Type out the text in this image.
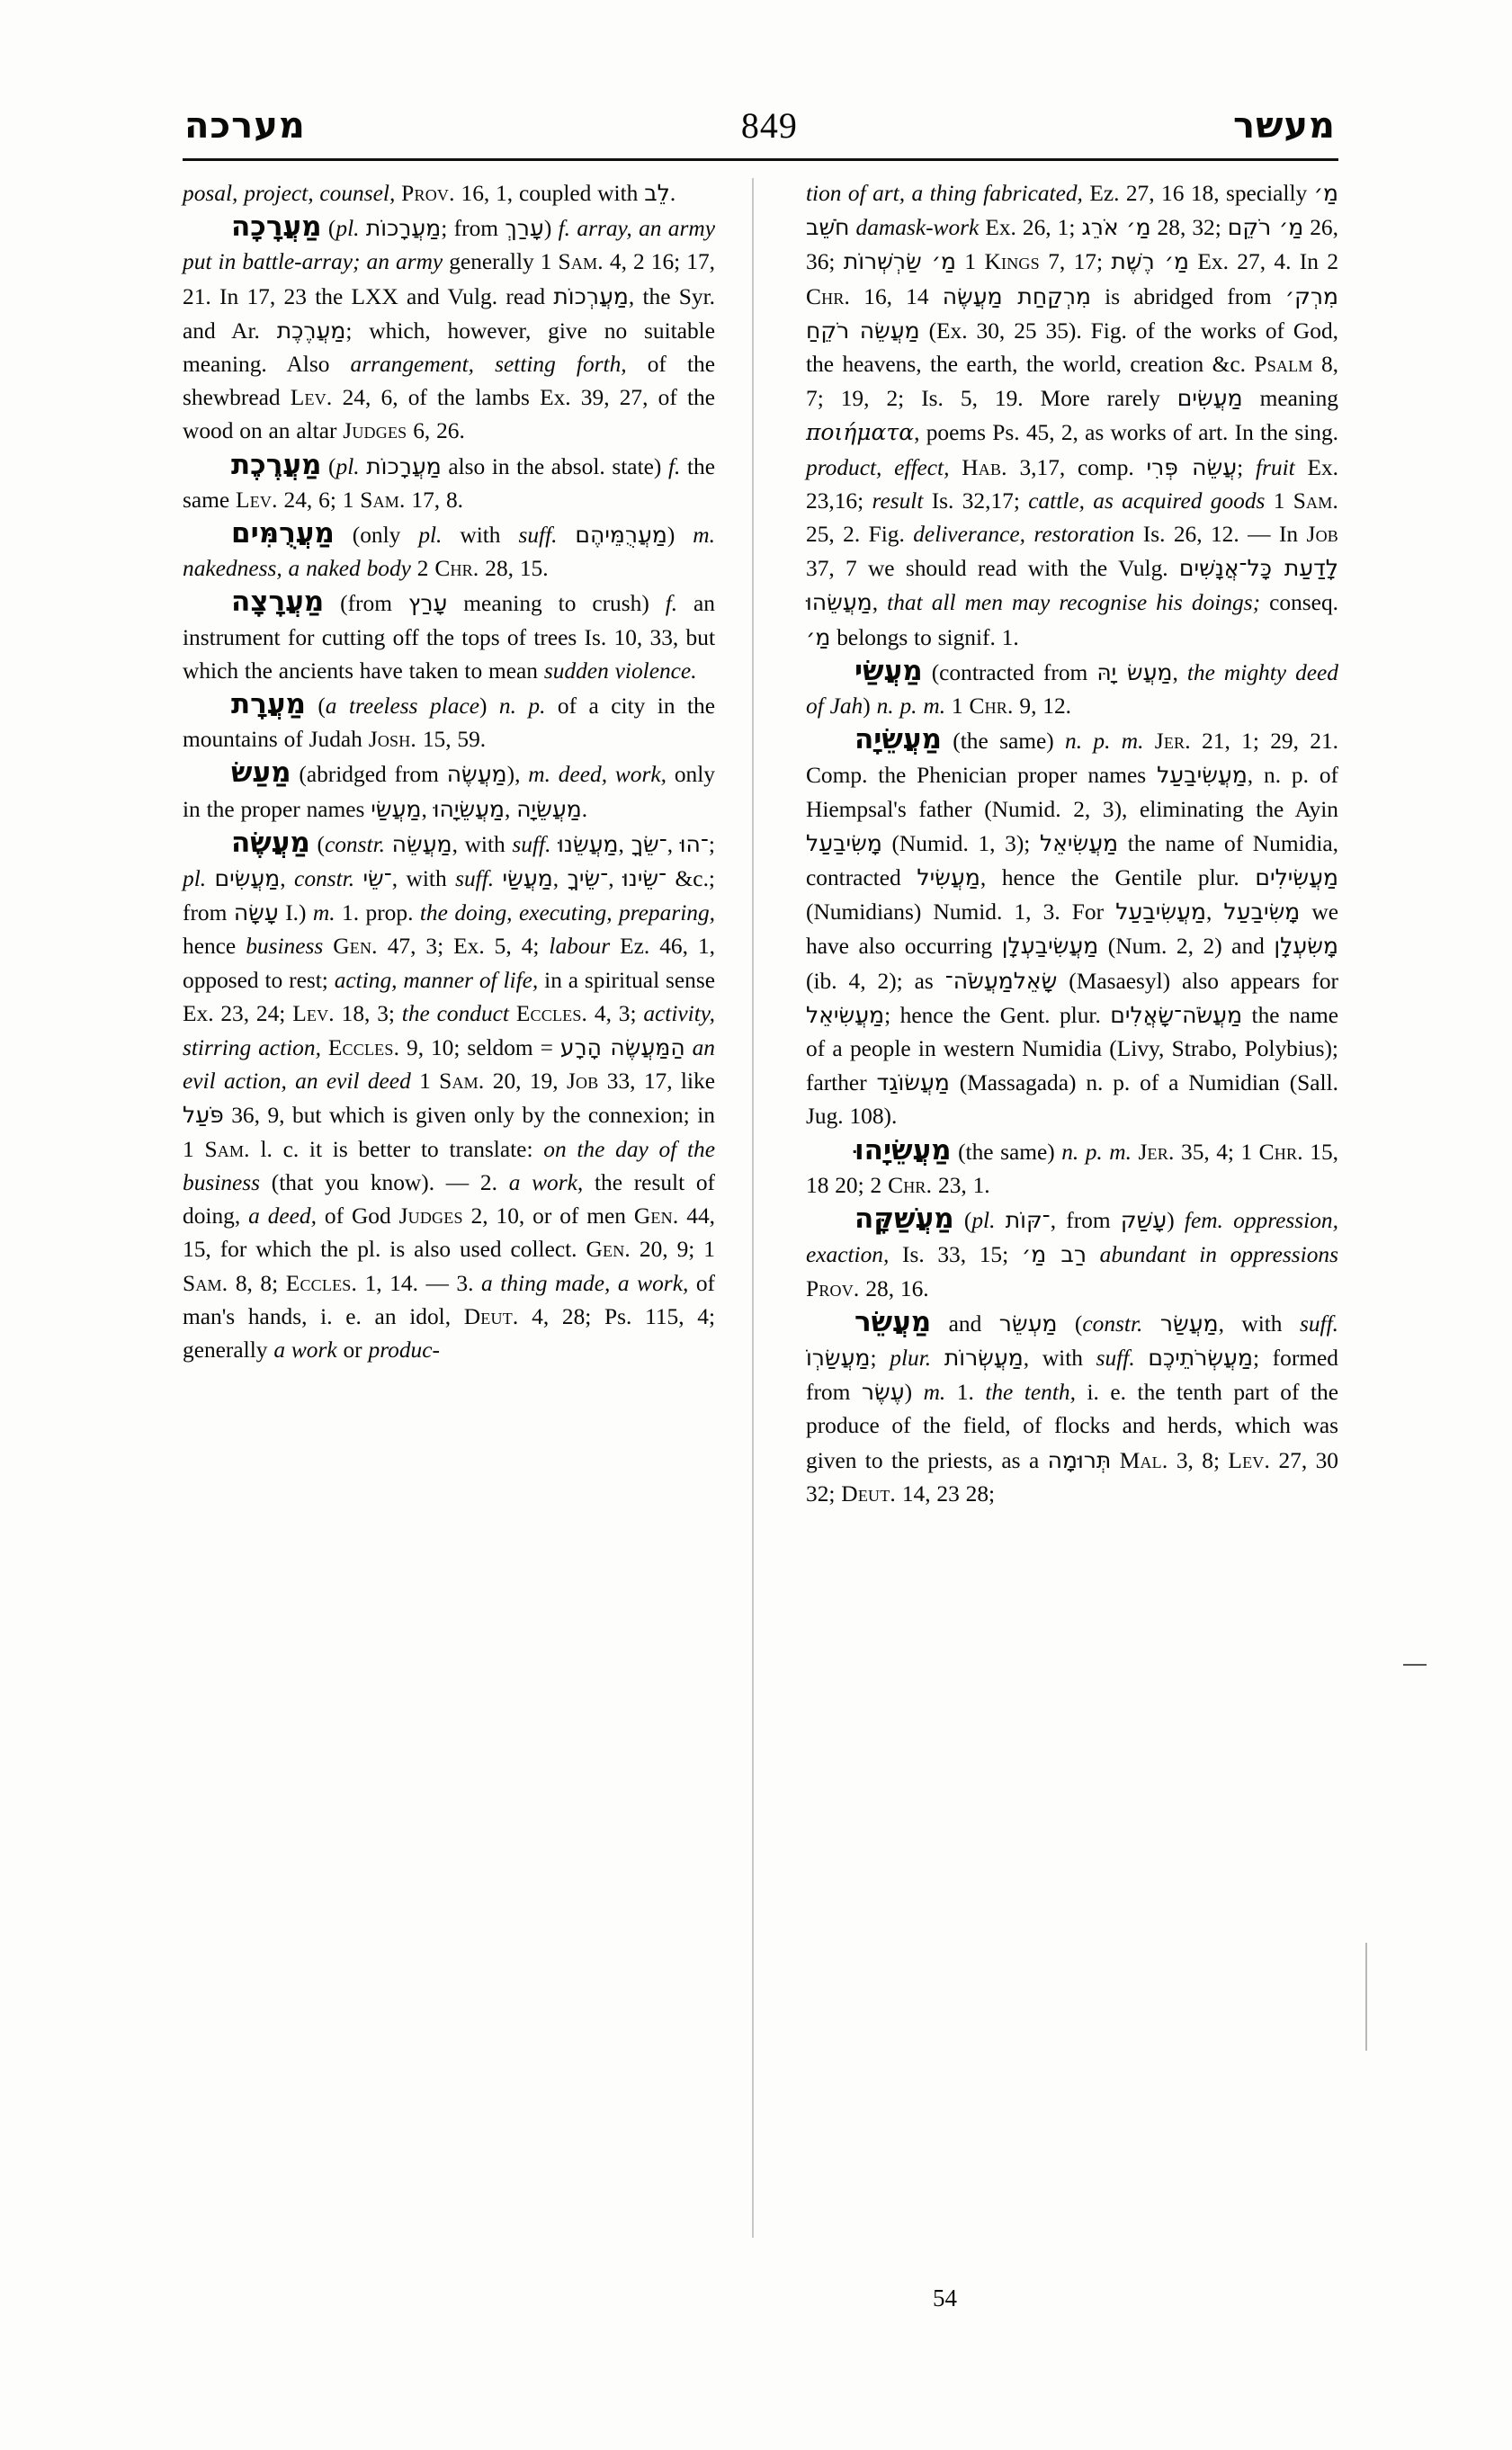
מערכה	849	מעשר

posal, project, counsel, Prov. 16, 1, coupled with לֵב.

מַעֲרָכָה (pl. מַעֲרָכוֹת; from עָרַךְ) f. array, an army put in battle-array; an army generally 1 Sam. 4, 2 16; 17, 21. In 17, 23 the LXX and Vulg. read מַעֲרְכוֹת, the Syr. and Ar. מַעֲרֶכֶת; which, however, give no suitable meaning. Also arrangement, setting forth, of the shewbread Lev. 24, 6, of the lambs Ex. 39, 27, of the wood on an altar Judges 6, 26.

מַעֲרֶכֶת (pl. מַעֲרָכוֹת also in the absol. state) f. the same Lev. 24, 6; 1 Sam. 17, 8.

מַעֲרֻמִּים (only pl. with suff. מַעֲרֻמֵּיהֶם) m. nakedness, a naked body 2 Chr. 28, 15.

מַעֲרָצָה (from עָרַץ meaning to crush) f. an instrument for cutting off the tops of trees Is. 10, 33, but which the ancients have taken to mean sudden violence.

מַעֲרָת (a treeless place) n. p. of a city in the mountains of Judah Josh. 15, 59.

מַעַשׂ (abridged from מַעֲשֶׂה), m. deed, work, only in the proper names מַעֲשַׂי, מַעֲשֵׂיָהוּ, מַעֲשֵׂיָה.

מַעֲשֶׂה (constr. מַעֲשֵׂה, with suff. מַעֲשֵׂנוּ, ־שֵׂךָ, ־הוּ; pl. מַעֲשִׂים, constr. ־שֵׂי, with suff. מַעֲשַׂי, ־שֵׂיךָ, ־שֵׂינוּ &c.; from עָשָׂה I.) m. 1. prop. the doing, executing, preparing, hence business Gen. 47, 3; Ex. 5, 4; labour Ez. 46, 1, opposed to rest; acting, manner of life, in a spiritual sense Ex. 23, 24; Lev. 18, 3; the conduct Eccles. 4, 3; activity, stirring action, Eccles. 9, 10; seldom = הַמַּעֲשֶׂה הָרָע an evil action, an evil deed 1 Sam. 20, 19, Job 33, 17, like פֹּעַל 36, 9, but which is given only by the connexion; in 1 Sam. l. c. it is better to translate: on the day of the business (that you know). — 2. a work, the result of doing, a deed, of God Judges 2, 10, or of men Gen. 44, 15, for which the pl. is also used collect. Gen. 20, 9; 1 Sam. 8, 8; Eccles. 1, 14. — 3. a thing made, a work, of man's hands, i. e. an idol, Deut. 4, 28; Ps. 115, 4; generally a work or produc-

tion of art, a thing fabricated, Ez. 27, 16 18, specially מַ׳ חֹשֵׁב damask-work Ex. 26, 1; מַ׳ אֹרֵג 28, 32; מַ׳ רֹקֵם 26, 36; מַ׳ שַׂרְשְׁרוֹת 1 Kings 7, 17; מַ׳ רֶשֶׁת Ex. 27, 4. In 2 Chr. 16, 14 מִרְקַחַת מַעֲשֶׂה is abridged from מִרְק׳ מַעֲשֵׂה רֹקֵחַ (Ex. 30, 25 35). Fig. of the works of God, the heavens, the earth, the world, creation &c. Psalm 8, 7; 19, 2; Is. 5, 19. More rarely מַעֲשִׂים meaning ποιήματα, poems Ps. 45, 2, as works of art. In the sing. product, effect, Hab. 3,17, comp. עֲשֵׂה פְּרִי; fruit Ex. 23,16; result Is. 32,17; cattle, as acquired goods 1 Sam. 25, 2. Fig. deliverance, restoration Is. 26, 12. — In Job 37, 7 we should read with the Vulg. לָדַעַת כָּל־אֲנָשִׁים מַעֲשֵׂהוּ, that all men may recognise his doings; conseq. מַ׳ belongs to signif. 1.

מַעֲשַׂי (contracted from מַעֲשׂ יָהּ, the mighty deed of Jah) n. p. m. 1 Chr. 9, 12.

מַעֲשֵׂיָה (the same) n. p. m. Jer. 21, 1; 29, 21. Comp. the Phenician proper names מַעֲשִׂיבַעַל, n. p. of Hiempsal's father (Numid. 2, 3), eliminating the Ayin מָשִׂיבַעַל (Numid. 1, 3); מַעֲשִׂיאֵל the name of Numidia, contracted מַעֲשִׂיל, hence the Gentile plur. מַעֲשִׂילִים (Numidians) Numid. 1, 3. For מַעֲשִׂיבַעַל, מָשִׂיבַעַל we have also occurring מַעֲשִׂיבַעְלָן (Num. 2, 2) and מָשִׂעְלָן (ib. 4, 2); as מַעֲשֹׂה־שָׂאֵל (Masaesyl) also appears for מַעֲשִׂיאֵל; hence the Gent. plur. מַעֲשֹׂה־שָׂאֲלִים the name of a people in western Numidia (Livy, Strabo, Polybius); farther מַעֲשׂוֹגַד (Massagada) n. p. of a Numidian (Sall. Jug. 108).

מַעֲשֵׂיָהוּ (the same) n. p. m. Jer. 35, 4; 1 Chr. 15, 18 20; 2 Chr. 23, 1.

מַעֲשַׁקָּה (pl. ־קּוֹת, from עָשַׁק) fem. oppression, exaction, Is. 33, 15; רַב מַ׳ abundant in oppressions Prov. 28, 16.

מַעֲשֵׂר and מַעְשֵׂר (constr. מַעֲשַׂר, with suff. מַעֲשַׂרְוֹ; plur. מַעֲשְׂרוֹת, with suff. מַעֲשְׂרֹתֵיכֶם; formed from עֶשֶׂר) m. 1. the tenth, i. e. the tenth part of the produce of the field, of flocks and herds, which was given to the priests, as a תְּרוּמָה Mal. 3, 8; Lev. 27, 30 32; Deut. 14, 23 28;

54
